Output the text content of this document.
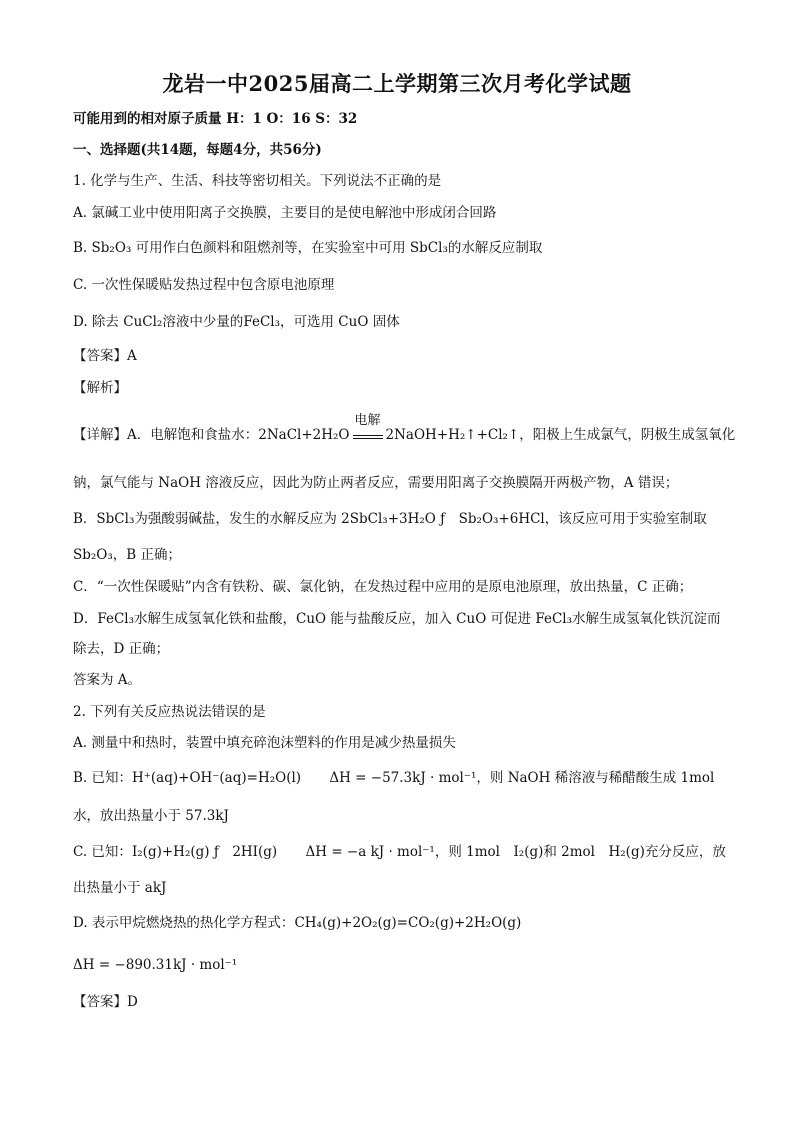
龙岩一中2025届高二上学期第三次月考化学试题
可能用到的相对原子质量 H：1 O：16 S：32
一、选择题(共14题，每题4分，共56分)
1. 化学与生产、生活、科技等密切相关。下列说法不正确的是
A. 氯碱工业中使用阳离子交换膜，主要目的是使电解池中形成闭合回路
B. Sb₂O₃ 可用作白色颜料和阻燃剂等，在实验室中可用 SbCl₃的水解反应制取
C. 一次性保暖贴发热过程中包含原电池原理
D. 除去 CuCl₂溶液中少量的FeCl₃，可选用 CuO 固体
【答案】A
【解析】
【详解】A．电解饱和食盐水：2NaCl+2H₂O
电解
2NaOH+H₂↑+Cl₂↑，阳极上生成氯气，阴极生成氢氧化
钠，氯气能与 NaOH 溶液反应，因此为防止两者反应，需要用阳离子交换膜隔开两极产物，A 错误；
B．SbCl₃为强酸弱碱盐，发生的水解反应为 2SbCl₃+3H₂O ƒ　Sb₂O₃+6HCl，该反应可用于实验室制取
Sb₂O₃，B 正确；
C．“一次性保暖贴”内含有铁粉、碳、氯化钠，在发热过程中应用的是原电池原理，放出热量，C 正确；
D．FeCl₃水解生成氢氧化铁和盐酸，CuO 能与盐酸反应，加入 CuO 可促进 FeCl₃水解生成氢氧化铁沉淀而
除去，D 正确；
答案为 A。
2. 下列有关反应热说法错误的是
A. 测量中和热时，装置中填充碎泡沫塑料的作用是减少热量损失
B. 已知：H⁺(aq)+OH⁻(aq)=H₂O(l) ΔH = −57.3kJ · mol⁻¹，则 NaOH 稀溶液与稀醋酸生成 1mol
水，放出热量小于 57.3kJ
C. 已知：I₂(g)+H₂(g) ƒ　2HI(g) ΔH = −a kJ · mol⁻¹，则 1mol　I₂(g)和 2mol　H₂(g)充分反应，放
出热量小于 akJ
D. 表示甲烷燃烧热的热化学方程式：CH₄(g)+2O₂(g)=CO₂(g)+2H₂O(g)
ΔH = −890.31kJ · mol⁻¹
【答案】D
